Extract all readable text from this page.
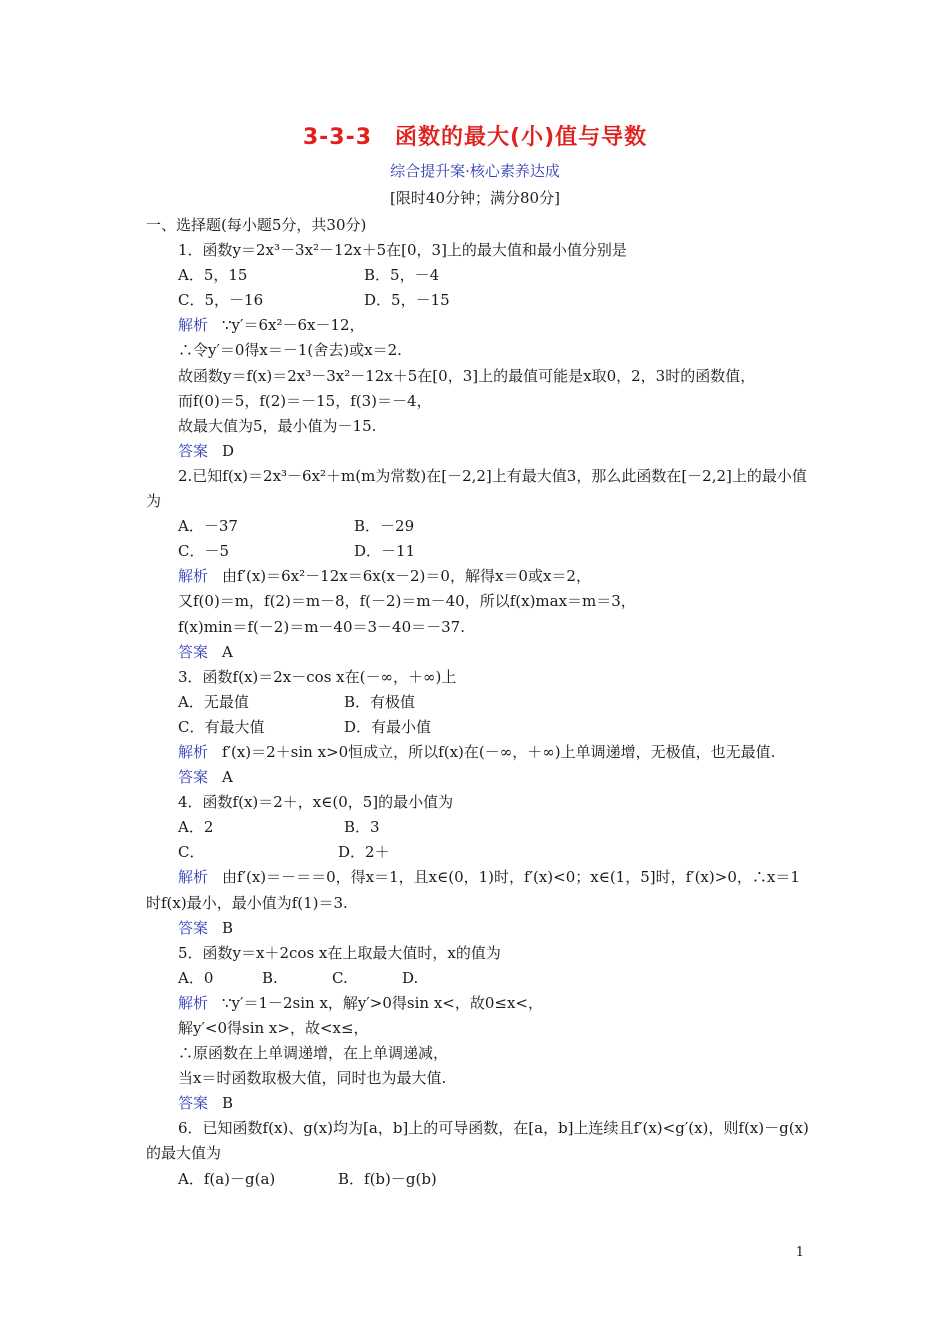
3-3-3　函数的最大(小)值与导数
综合提升案·核心素养达成
[限时40分钟；满分80分]
一、选择题(每小题5分，共30分)
1．函数y＝2x³－3x²－12x＋5在[0，3]上的最大值和最小值分别是
A．5，15	B．5，－4
C．5，－16	D．5，－15
解析 ∵y′＝6x²－6x－12，
∴令y′＝0得x＝－1(舍去)或x＝2.
故函数y＝f(x)＝2x³－3x²－12x＋5在[0，3]上的最值可能是x取0，2，3时的函数值，
而f(0)＝5，f(2)＝－15，f(3)＝－4，
故最大值为5，最小值为－15.
答案 D
2.已知f(x)＝2x³－6x²＋m(m为常数)在[－2,2]上有最大值3，那么此函数在[－2,2]上的最小值为
A．－37	B．－29
C．－5	D．－11
解析 由f′(x)＝6x²－12x＝6x(x－2)＝0，解得x＝0或x＝2，
又f(0)＝m，f(2)＝m－8，f(－2)＝m－40，所以f(x)max＝m＝3，
f(x)min＝f(－2)＝m－40＝3－40＝－37.
答案 A
3．函数f(x)＝2x－cos x在(－∞，＋∞)上
A．无最值	B．有极值
C．有最大值	D．有最小值
解析 f′(x)＝2＋sin x>0恒成立，所以f(x)在(－∞，＋∞)上单调递增，无极值，也无最值.
答案 A
4．函数f(x)＝2＋，x∈(0，5]的最小值为
A．2	B．3
C．	D．2＋
解析 由f′(x)＝－＝＝0，得x＝1，且x∈(0，1)时，f′(x)<0；x∈(1，5]时，f′(x)>0，∴x＝1时f(x)最小，最小值为f(1)＝3.
答案 B
5．函数y＝x＋2cos x在上取最大值时，x的值为
A．0	B.	C.	D.
解析 ∵y′＝1－2sin x，解y′>0得sin x<，故0≤x<，
解y′<0得sin x>，故<x≤，
∴原函数在上单调递增，在上单调递减，
当x＝时函数取极大值，同时也为最大值.
答案 B
6．已知函数f(x)、g(x)均为[a，b]上的可导函数，在[a，b]上连续且f′(x)<g′(x)，则f(x)－g(x)的最大值为
A．f(a)－g(a)	B．f(b)－g(b)
1
